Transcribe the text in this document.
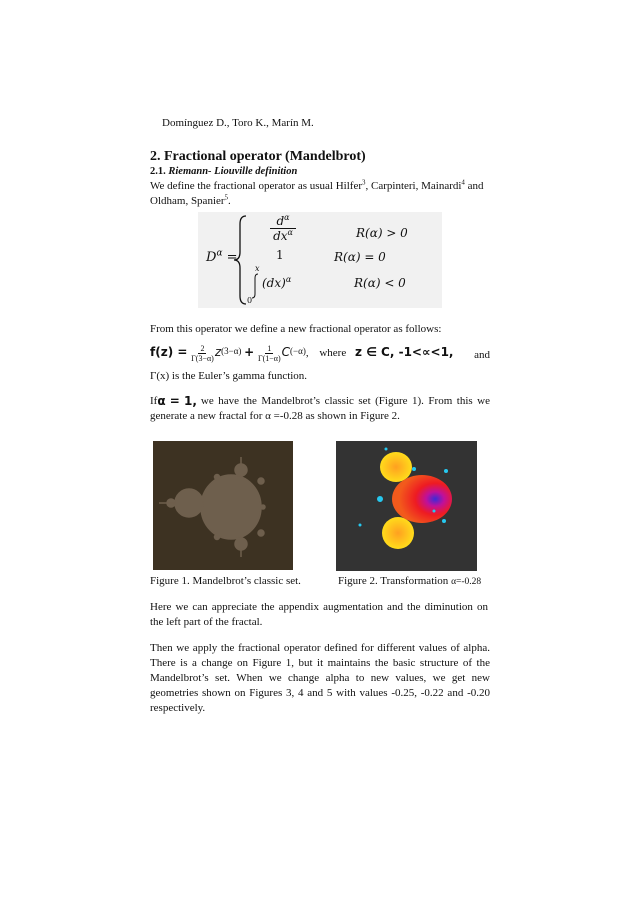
Domínguez D., Toro K., Marín M.
2. Fractional operator (Mandelbrot)
2.1. Riemann- Liouville definition
We define the fractional operator as usual Hilfer$^3$, Carpinteri, Mainardi$^4$ and
Oldham, Spanier$^5$.
$D^\alpha$ =
$d^\alpha$
$dx^\alpha$	R(α) > 0
1	R(α) = 0
x
0
(dx)$^\alpha$	R(α) < 0
From this operator we define a new fractional operator as follows:
$f(z) = \frac{2}{\Gamma(3-\alpha)} z^{(3-\alpha)} + \frac{1}{\Gamma(1-\alpha)} C^{(-\alpha)}$, where z ∈ C, -1<∝<1, and
Γ(x) is the Euler’s gamma function.
If α = 1, we have the Mandelbrot’s classic set (Figure 1). From this we
generate a new fractal for α =-0.28 as shown in Figure 2.
Figure 1. Mandelbrot’s classic set.	Figure 2. Transformation α=-0.28
Here we can appreciate the appendix augmentation and the diminution on the left part of the fractal.
Then we apply the fractional operator defined for different values of alpha. There is a change on Figure 1, but it maintains the basic structure of the Mandelbrot’s set. When we change alpha to new values, we get new geometries shown on Figures 3, 4 and 5 with values -0.25, -0.22 and -0.20 respectively.
